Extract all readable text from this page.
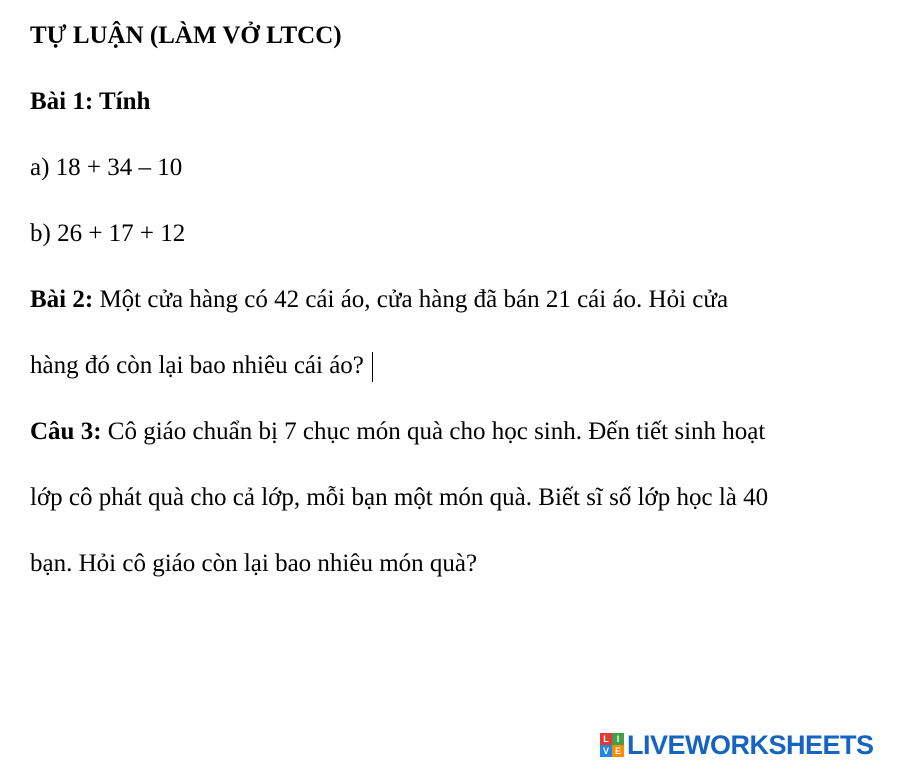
TỰ LUẬN (LÀM VỞ LTCC)
Bài 1: Tính
a) 18 + 34 – 10
b) 26 + 17 + 12
Bài 2: Một cửa hàng có 42 cái áo, cửa hàng đã bán 21 cái áo. Hỏi cửa
hàng đó còn lại bao nhiêu cái áo?
Câu 3: Cô giáo chuẩn bị 7 chục món quà cho học sinh. Đến tiết sinh hoạt
lớp cô phát quà cho cả lớp, mỗi bạn một món quà. Biết sĩ số lớp học là 40
bạn. Hỏi cô giáo còn lại bao nhiêu món quà?
L I
V E LIVEWORKSHEETS
